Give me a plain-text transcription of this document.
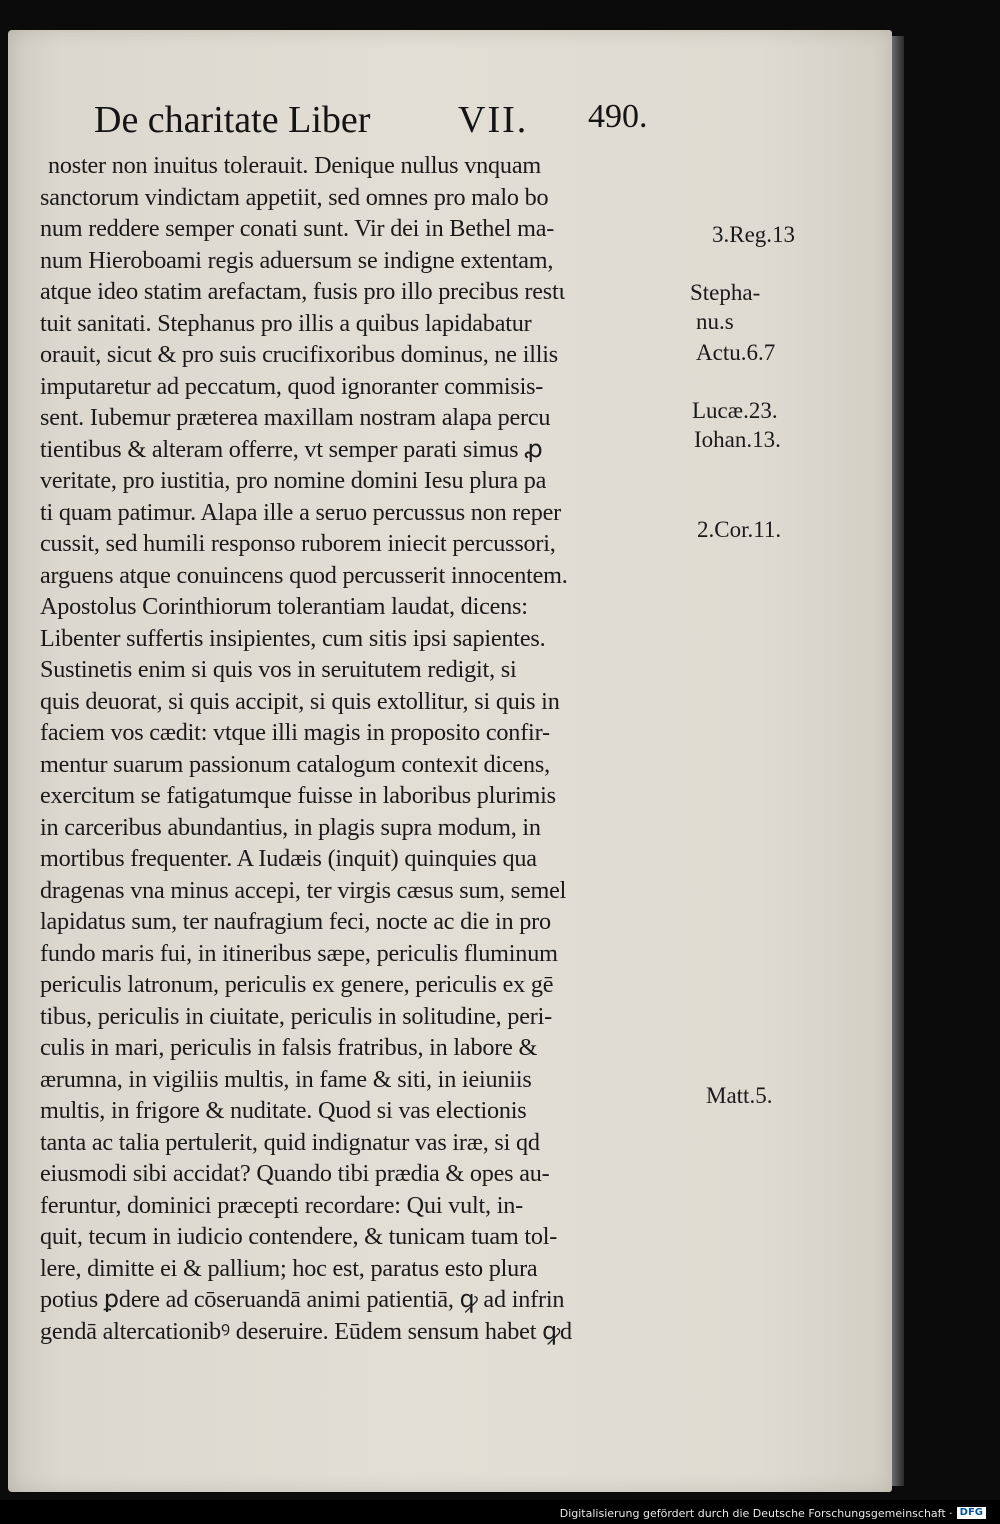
De charitate Liber VII. 490.
noster non inuitus tolerauit. Denique nullus vnquam
sanctorum vindictam appetiit, sed omnes pro malo bo
num reddere semper conati sunt. Vir dei in Bethel ma-
num Hieroboami regis aduersum se indigne extentam,
atque ideo statim arefactam, fusis pro illo precibus restι
tuit sanitati. Stephanus pro illis a quibus lapidabatur
orauit, sicut & pro suis crucifixoribus dominus, ne illis
imputaretur ad peccatum, quod ignoranter commisis-
sent. Iubemur præterea maxillam nostram alapa percu
tientibus & alteram offerre, vt semper parati simus ꝓ
veritate, pro iustitia, pro nomine domini Iesu plura pa
ti quam patimur. Alapa ille a seruo percussus non reper
cussit, sed humili responso ruborem iniecit percussori,
arguens atque conuincens quod percusserit innocentem.
Apostolus Corinthiorum tolerantiam laudat, dicens:
Libenter suffertis insipientes, cum sitis ipsi sapientes.
Sustinetis enim si quis vos in seruitutem redigit, si
quis deuorat, si quis accipit, si quis extollitur, si quis in
faciem vos cædit: vtque illi magis in proposito confir-
mentur suarum passionum catalogum contexit dicens,
exercitum se fatigatumque fuisse in laboribus plurimis
in carceribus abundantius, in plagis supra modum, in
mortibus frequenter. A Iudæis (inquit) quinquies qua
dragenas vna minus accepi, ter virgis cæsus sum, semel
lapidatus sum, ter naufragium feci, nocte ac die in pro
fundo maris fui, in itineribus sæpe, periculis fluminum
periculis latronum, periculis ex genere, periculis ex gē
tibus, periculis in ciuitate, periculis in solitudine, peri-
culis in mari, periculis in falsis fratribus, in labore &
ærumna, in vigiliis multis, in fame & siti, in ieiuniis
multis, in frigore & nuditate. Quod si vas electionis
tanta ac talia pertulerit, quid indignatur vas iræ, si qd
eiusmodi sibi accidat? Quando tibi prædia & opes au-
feruntur, dominici præcepti recordare: Qui vult, in-
quit, tecum in iudicio contendere, & tunicam tuam tol-
lere, dimitte ei & pallium; hoc est, paratus esto plura
potius ꝑdere ad cōseruandā animi patientiā, ꝙ ad infrin
gendā altercationibꝰ deseruire. Eūdem sensum habet ꝙd
3.Reg.13
Stepha-
nu.s
Actu.6.7
Lucæ.23.
Iohan.13.
2.Cor.11.
Matt.5.
Digitalisierung gefördert durch die Deutsche Forschungsgemeinschaft · DFG
